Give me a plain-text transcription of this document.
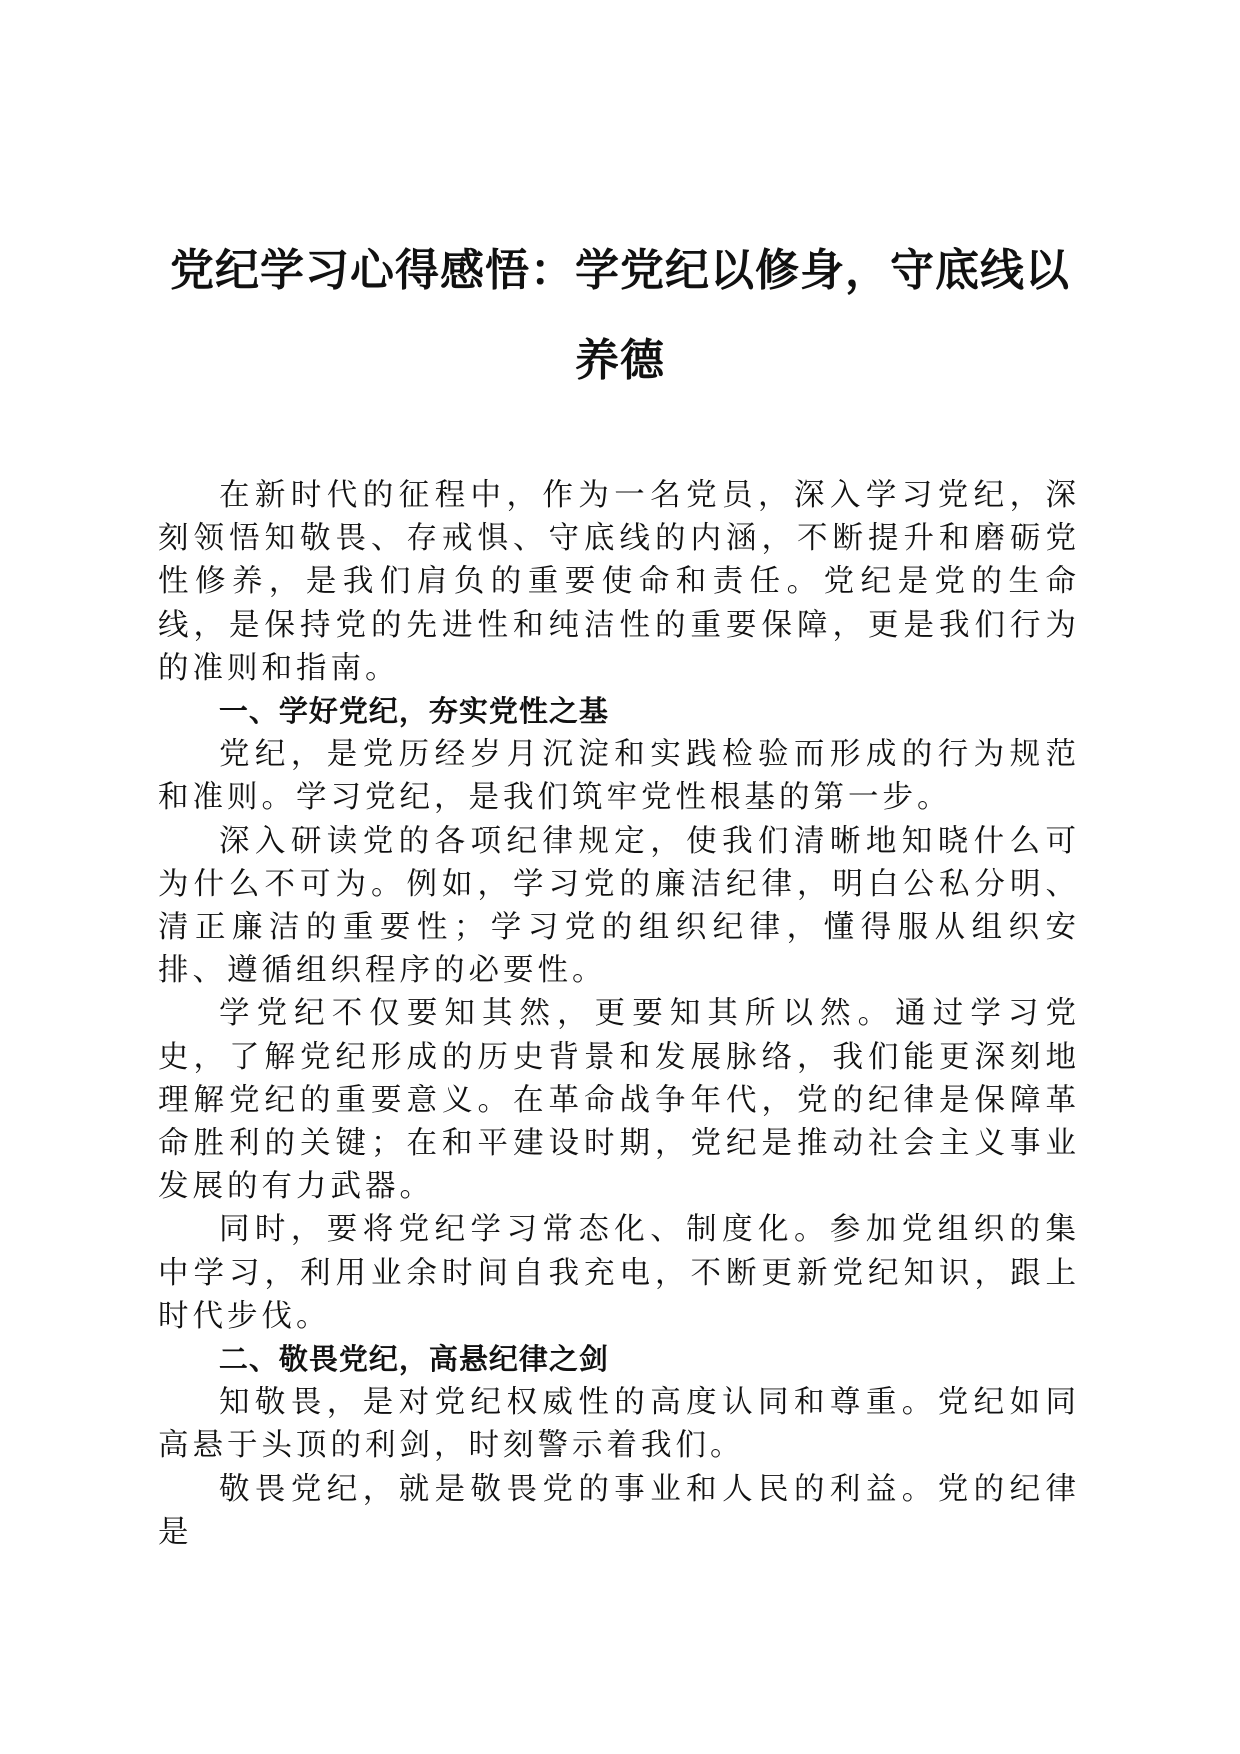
党纪学习心得感悟：学党纪以修身，守底线以养德

在新时代的征程中，作为一名党员，深入学习党纪，深刻领悟知敬畏、存戒惧、守底线的内涵，不断提升和磨砺党性修养，是我们肩负的重要使命和责任。党纪是党的生命线，是保持党的先进性和纯洁性的重要保障，更是我们行为的准则和指南。

一、学好党纪，夯实党性之基

党纪，是党历经岁月沉淀和实践检验而形成的行为规范和准则。学习党纪，是我们筑牢党性根基的第一步。

深入研读党的各项纪律规定，使我们清晰地知晓什么可为什么不可为。例如，学习党的廉洁纪律，明白公私分明、清正廉洁的重要性；学习党的组织纪律，懂得服从组织安排、遵循组织程序的必要性。

学党纪不仅要知其然，更要知其所以然。通过学习党史，了解党纪形成的历史背景和发展脉络，我们能更深刻地理解党纪的重要意义。在革命战争年代，党的纪律是保障革命胜利的关键；在和平建设时期，党纪是推动社会主义事业发展的有力武器。

同时，要将党纪学习常态化、制度化。参加党组织的集中学习，利用业余时间自我充电，不断更新党纪知识，跟上时代步伐。

二、敬畏党纪，高悬纪律之剑

知敬畏，是对党纪权威性的高度认同和尊重。党纪如同高悬于头顶的利剑，时刻警示着我们。

敬畏党纪，就是敬畏党的事业和人民的利益。党的纪律是
